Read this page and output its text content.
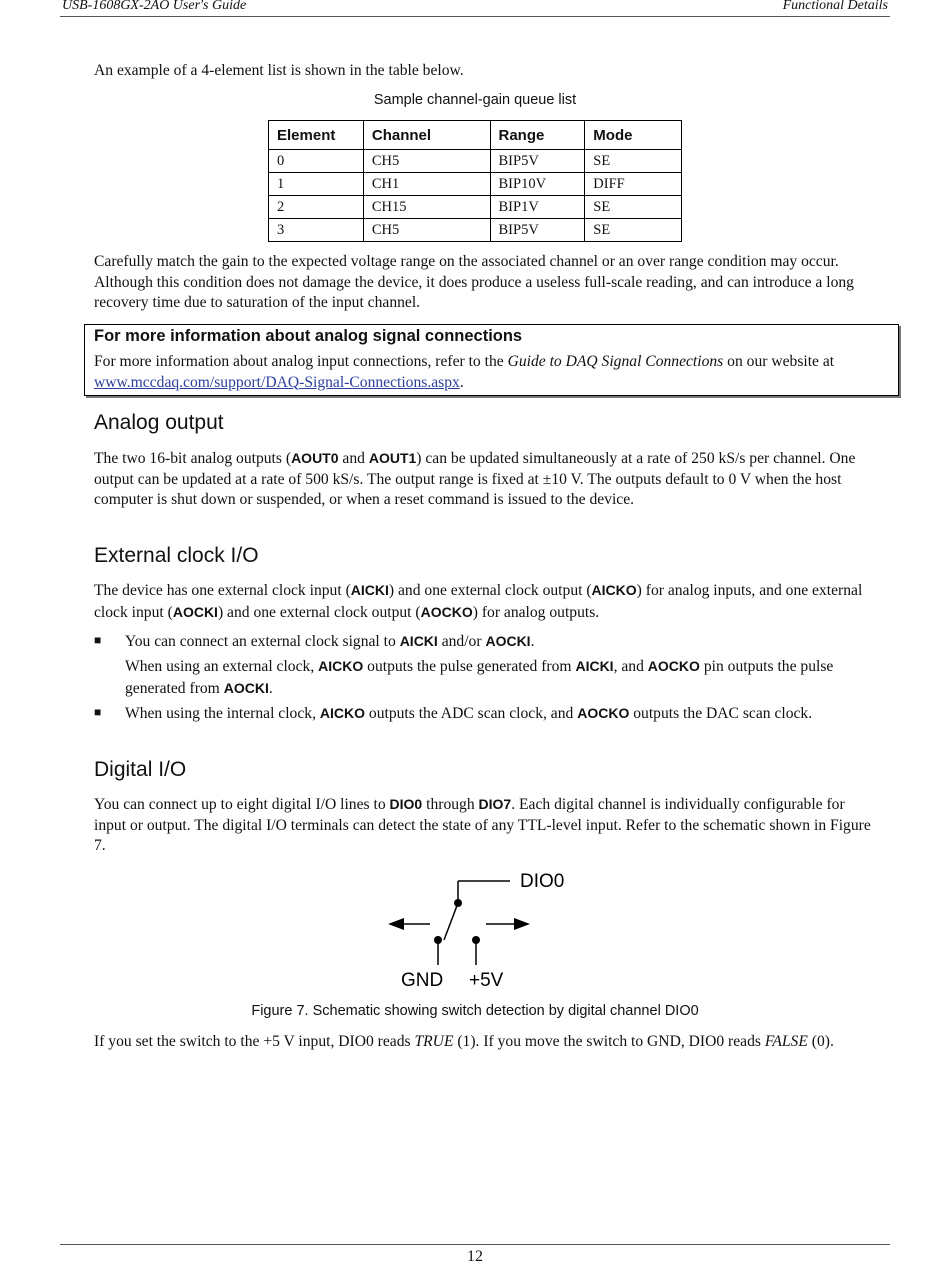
USB-1608GX-2AO User's Guide	Functional Details

An example of a 4-element list is shown in the table below.

Sample channel-gain queue list
Element	Channel	Range	Mode
0	CH5	BIP5V	SE
1	CH1	BIP10V	DIFF
2	CH15	BIP1V	SE
3	CH5	BIP5V	SE

Carefully match the gain to the expected voltage range on the associated channel or an over range condition may occur. Although this condition does not damage the device, it does produce a useless full-scale reading, and can introduce a long recovery time due to saturation of the input channel.

For more information about analog signal connections
For more information about analog input connections, refer to the Guide to DAQ Signal Connections on our website at www.mccdaq.com/support/DAQ-Signal-Connections.aspx.
Analog output

The two 16-bit analog outputs (AOUT0 and AOUT1) can be updated simultaneously at a rate of 250 kS/s per channel. One output can be updated at a rate of 500 kS/s. The output range is fixed at ±10 V. The outputs default to 0 V when the host computer is shut down or suspended, or when a reset command is issued to the device.

External clock I/O

The device has one external clock input (AICKI) and one external clock output (AICKO) for analog inputs, and one external clock input (AOCKI) and one external clock output (AOCKO) for analog outputs.

■ You can connect an external clock signal to AICKI and/or AOCKI.

When using an external clock, AICKO outputs the pulse generated from AICKI, and AOCKO pin outputs the pulse generated from AOCKI.

■ When using the internal clock, AICKO outputs the ADC scan clock, and AOCKO outputs the DAC scan clock.

Digital I/O

You can connect up to eight digital I/O lines to DIO0 through DIO7. Each digital channel is individually configurable for input or output. The digital I/O terminals can detect the state of any TTL-level input. Refer to the schematic shown in Figure 7.

DIO0
GND +5V
Figure 7. Schematic showing switch detection by digital channel DIO0

If you set the switch to the +5 V input, DIO0 reads TRUE (1). If you move the switch to GND, DIO0 reads FALSE (0).

12
